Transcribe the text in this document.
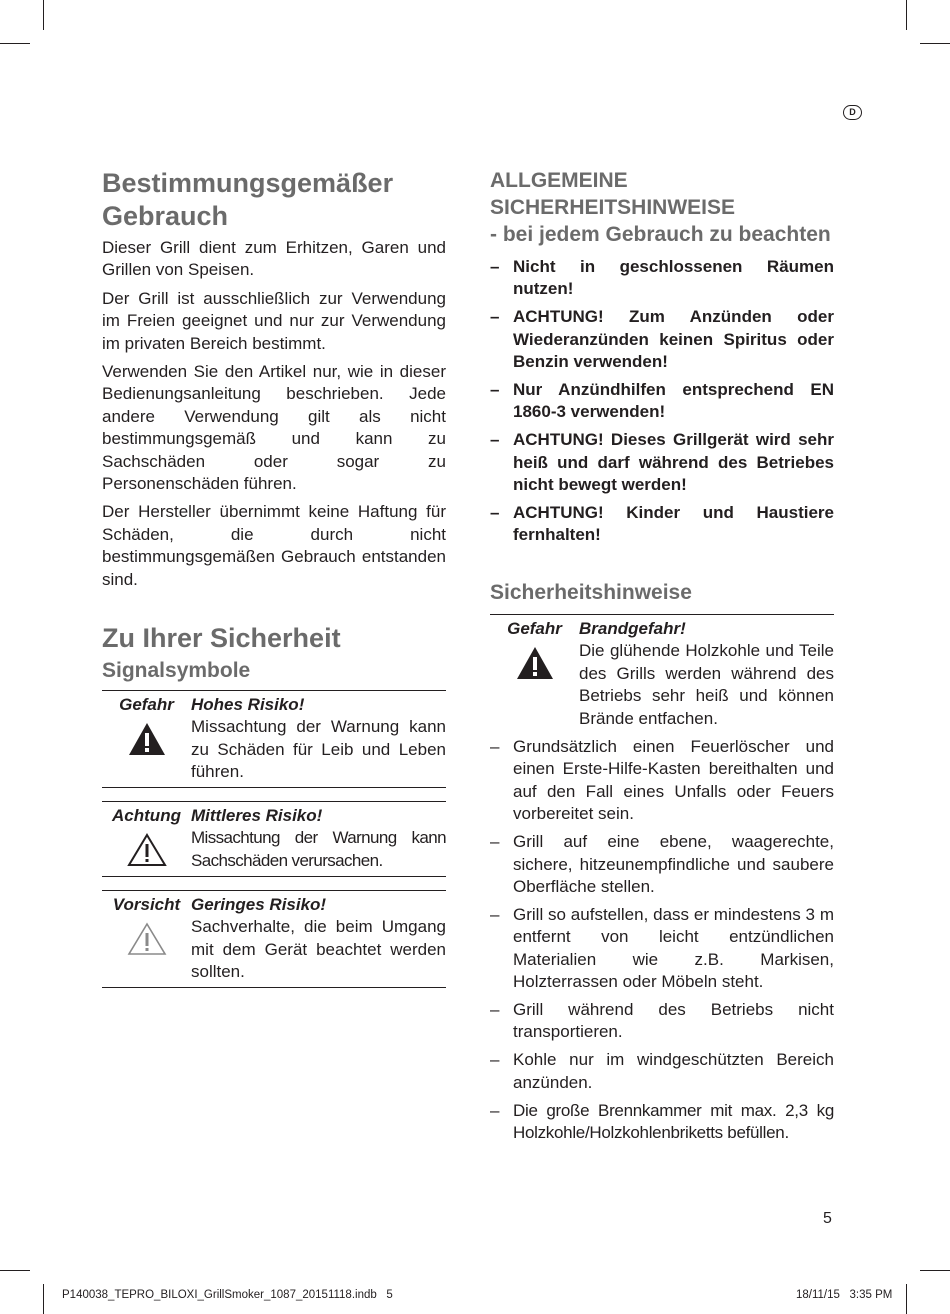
D
Bestimmungsgemäßer Gebrauch

Dieser Grill dient zum Erhitzen, Garen und Grillen von Speisen.

Der Grill ist ausschließlich zur Verwendung im Freien geeignet und nur zur Verwendung im privaten Bereich bestimmt.

Verwenden Sie den Artikel nur, wie in dieser Bedienungsanleitung beschrieben. Jede andere Verwendung gilt als nicht bestimmungsgemäß und kann zu Sachschäden oder sogar zu Personenschäden führen.

Der Hersteller übernimmt keine Haftung für Schäden, die durch nicht bestimmungsgemäßen Gebrauch entstanden sind.

Zu Ihrer Sicherheit
Signalsymbole
Gefahr	Hohes Risiko!
Missachtung der Warnung kann zu Schäden für Leib und Leben führen.
Achtung Mittleres Risiko!
Missachtung der Warnung kann Sachschäden verursachen.
Vorsicht Geringes Risiko!
Sachverhalte, die beim Umgang mit dem Gerät beachtet werden sollten.
ALLGEMEINE
SICHERHEITSHINWEISE
- bei jedem Gebrauch zu beachten
– Nicht in geschlossenen Räumen nutzen!
– ACHTUNG! Zum Anzünden oder Wiederanzünden keinen Spiritus oder Benzin verwenden!
– Nur Anzündhilfen entsprechend EN 1860-3 verwenden!
– ACHTUNG! Dieses Grillgerät wird sehr heiß und darf während des Betriebes nicht bewegt werden!
– ACHTUNG! Kinder und Haustiere fernhalten!
Sicherheitshinweise
Gefahr	Brandgefahr!
Die glühende Holzkohle und Teile des Grills werden während des Betriebs sehr heiß und können Brände entfachen.
– Grundsätzlich einen Feuerlöscher und einen Erste-Hilfe-Kasten bereithalten und auf den Fall eines Unfalls oder Feuers vorbereitet sein.
– Grill auf eine ebene, waagerechte, sichere, hitzeunempfindliche und saubere Oberfläche stellen.
– Grill so aufstellen, dass er mindestens 3 m entfernt von leicht entzündlichen Materialien wie z.B. Markisen, Holzterrassen oder Möbeln steht.
– Grill während des Betriebs nicht transportieren.
– Kohle nur im windgeschützten Bereich anzünden.
– Die große Brennkammer mit max. 2,3 kg Holzkohle/Holzkohlenbriketts befüllen.
5
P140038_TEPRO_BILOXI_GrillSmoker_1087_20151118.indb   5	18/11/15   3:35 PM
